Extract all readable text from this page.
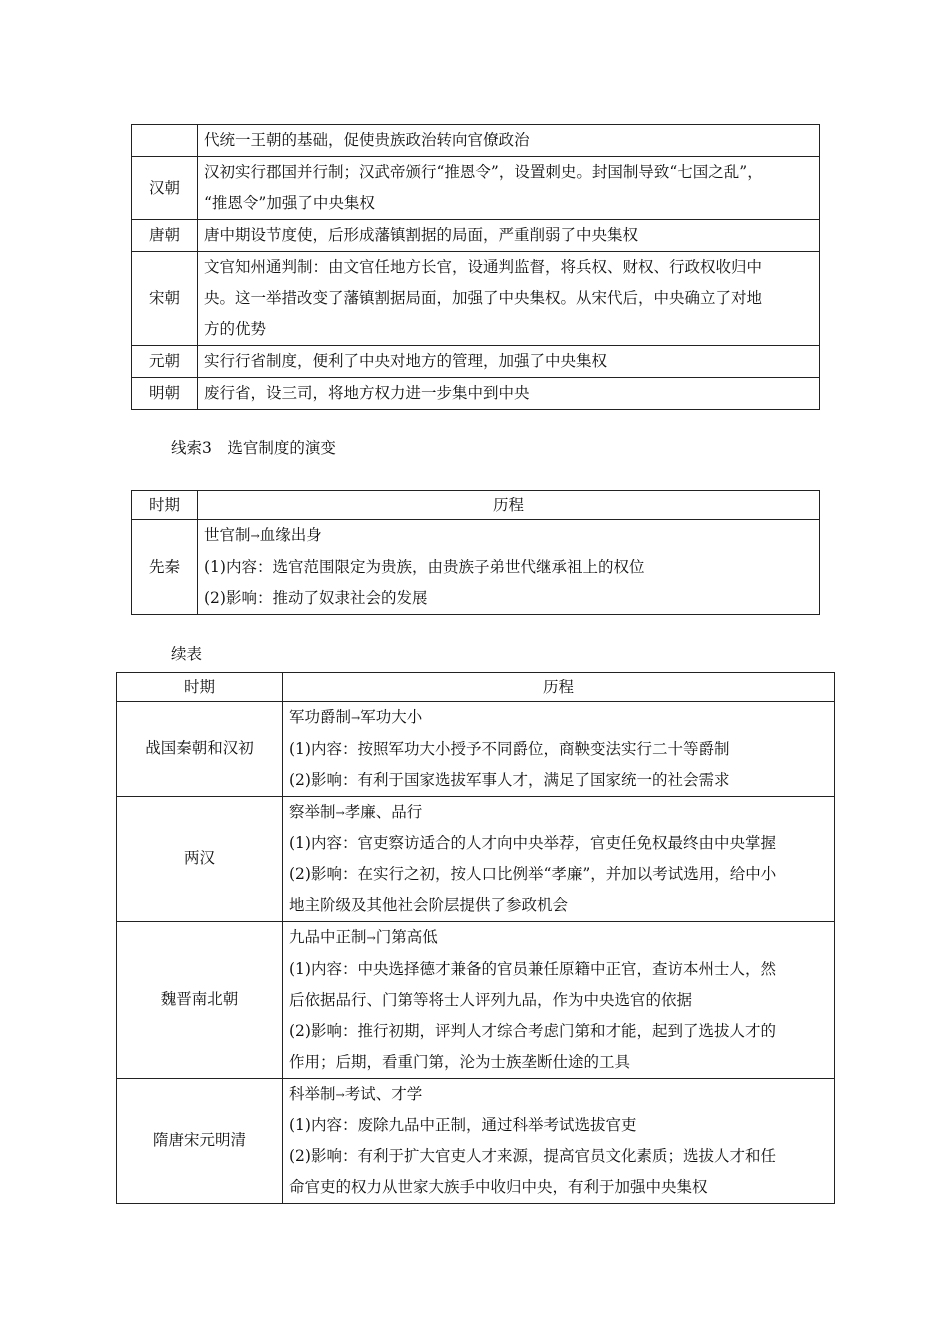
	代统一王朝的基础，促使贵族政治转向官僚政治

汉朝	汉初实行郡国并行制；汉武帝颁行“推恩令”，设置刺史。封国制导致“七国之乱”，
“推恩令”加强了中央集权

唐朝	唐中期设节度使，后形成藩镇割据的局面，严重削弱了中央集权

宋朝	文官知州通判制：由文官任地方长官，设通判监督，将兵权、财权、行政权收归中
央。这一举措改变了藩镇割据局面，加强了中央集权。从宋代后，中央确立了对地
方的优势

元朝	实行行省制度，便利了中央对地方的管理，加强了中央集权

明朝	废行省，设三司，将地方权力进一步集中到中央
线索3　选官制度的演变
时期	历程
先秦	世官制→血缘出身
(1)内容：选官范围限定为贵族，由贵族子弟世代继承祖上的权位
(2)影响：推动了奴隶社会的发展
续表
时期	历程
战国秦朝和汉初	军功爵制→军功大小
(1)内容：按照军功大小授予不同爵位，商鞅变法实行二十等爵制
(2)影响：有利于国家选拔军事人才，满足了国家统一的社会需求

两汉	察举制→孝廉、品行
(1)内容：官吏察访适合的人才向中央举荐，官吏任免权最终由中央掌握
(2)影响：在实行之初，按人口比例举“孝廉”，并加以考试选用，给中小
地主阶级及其他社会阶层提供了参政机会

魏晋南北朝	九品中正制→门第高低
(1)内容：中央选择德才兼备的官员兼任原籍中正官，查访本州士人，然
后依据品行、门第等将士人评列九品，作为中央选官的依据
(2)影响：推行初期，评判人才综合考虑门第和才能，起到了选拔人才的
作用；后期，看重门第，沦为士族垄断仕途的工具

隋唐宋元明清	科举制→考试、才学
(1)内容：废除九品中正制，通过科举考试选拔官吏
(2)影响：有利于扩大官吏人才来源，提高官员文化素质；选拔人才和任
命官吏的权力从世家大族手中收归中央，有利于加强中央集权
